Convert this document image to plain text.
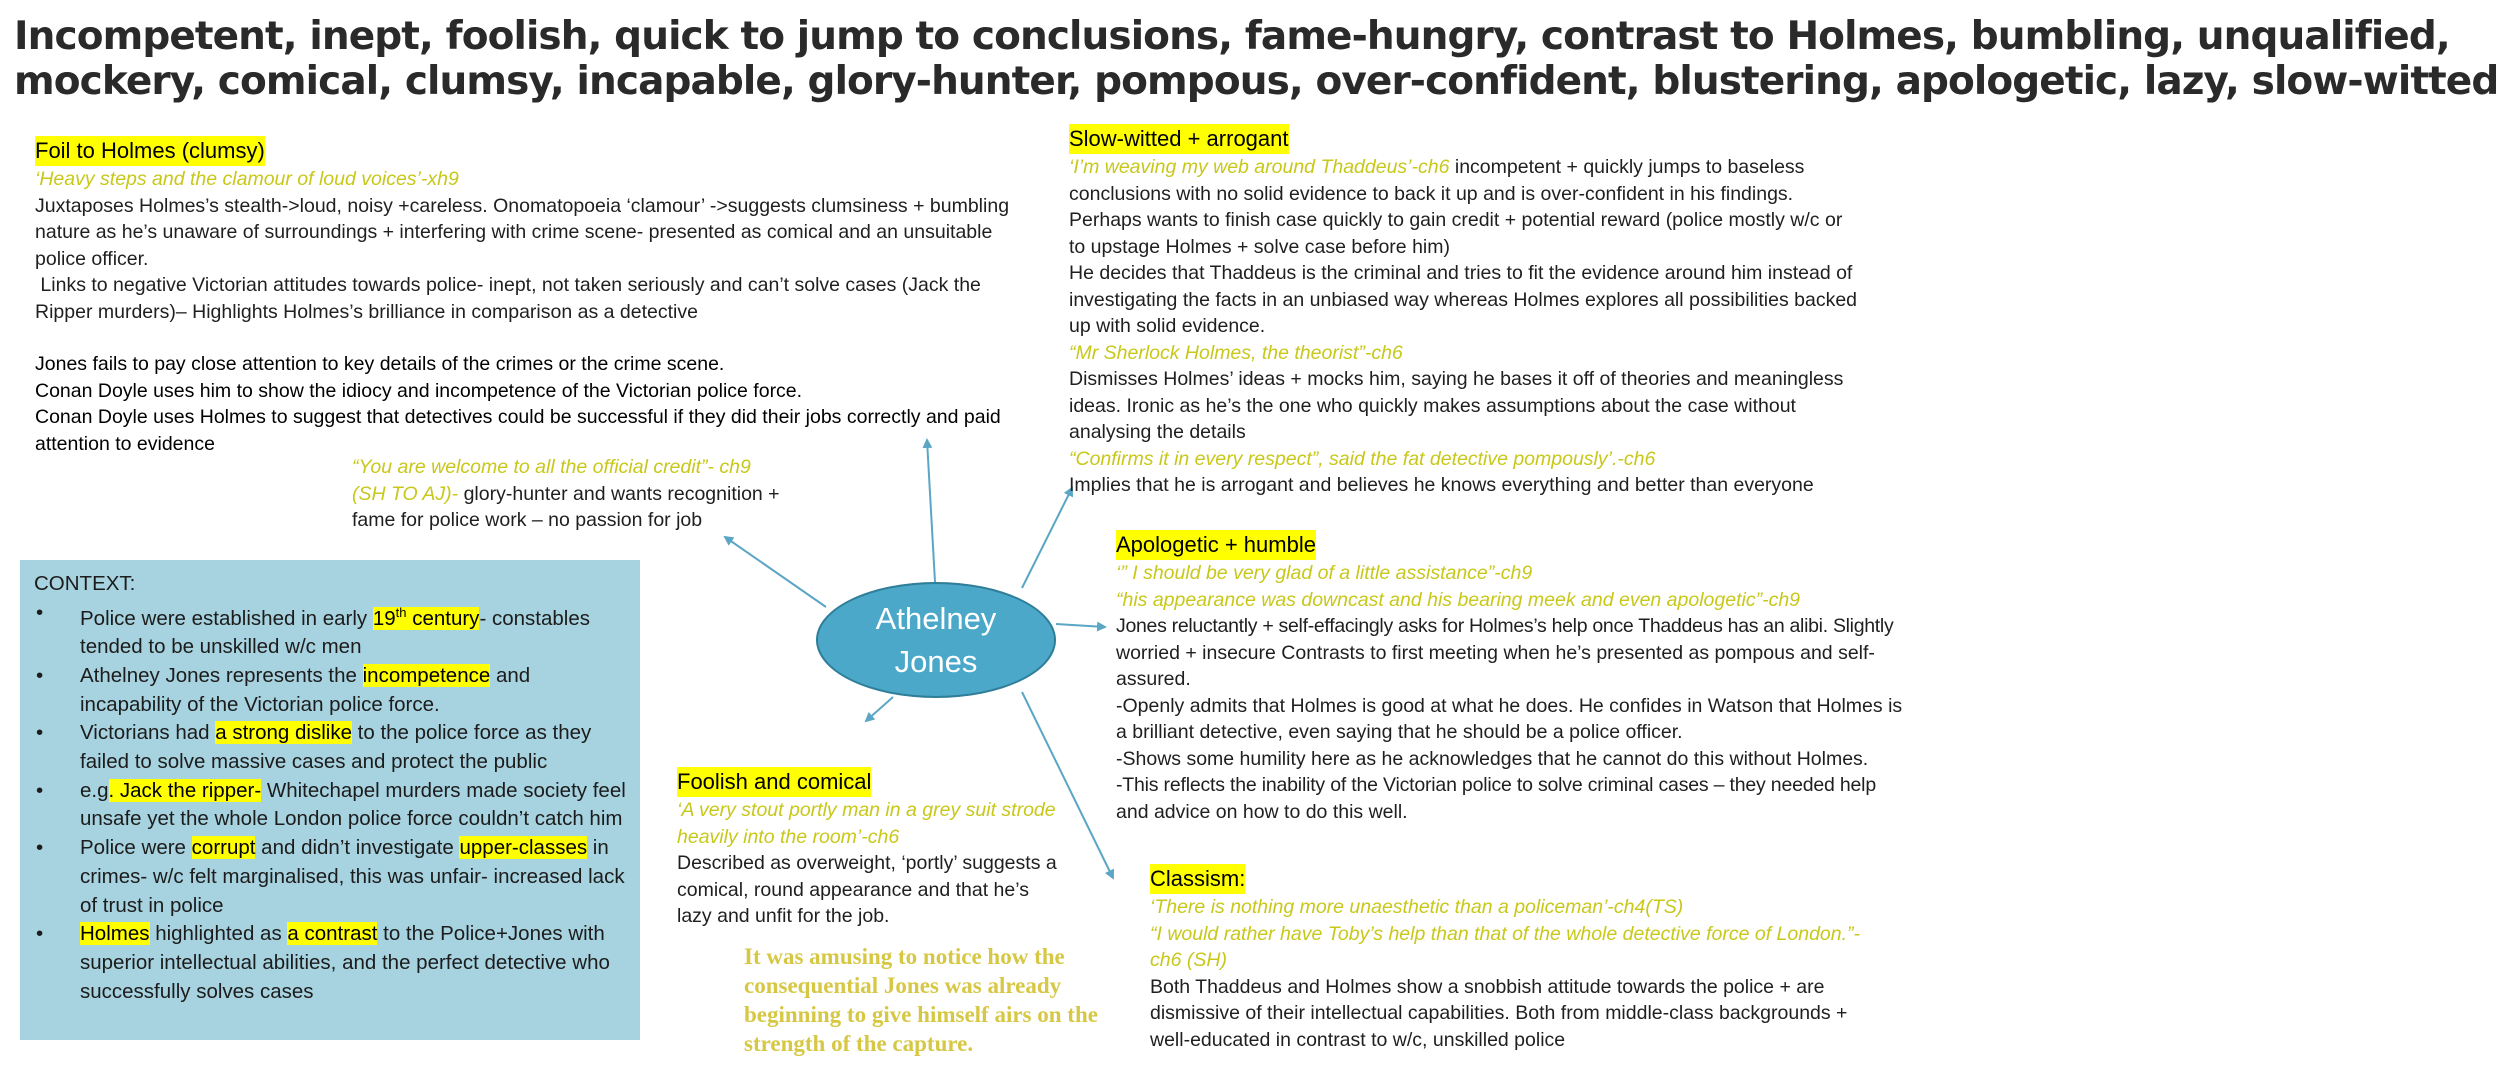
Incompetent, inept, foolish, quick to jump to conclusions, fame-hungry, contrast to Holmes, bumbling, unqualified,
mockery, comical, clumsy, incapable, glory-hunter, pompous, over-confident, blustering, apologetic, lazy, slow-witted
Foil to Holmes (clumsy)

‘Heavy steps and the clamour of loud voices’-xh9

Juxtaposes Holmes’s stealth->loud, noisy +careless. Onomatopoeia ‘clamour’ ->suggests clumsiness + bumbling

nature as he’s unaware of surroundings + interfering with crime scene- presented as comical and an unsuitable

police officer.

Links to negative Victorian attitudes towards police- inept, not taken seriously and can’t solve cases (Jack the

Ripper murders)– Highlights Holmes’s brilliance in comparison as a detective

Jones fails to pay close attention to key details of the crimes or the crime scene.

Conan Doyle uses him to show the idiocy and incompetence of the Victorian police force.

Conan Doyle uses Holmes to suggest that detectives could be successful if they did their jobs correctly and paid

attention to evidence

“You are welcome to all the official credit”- ch9

(SH TO AJ)- glory-hunter and wants recognition +

fame for police work – no passion for job

Slow-witted + arrogant

‘I’m weaving my web around Thaddeus’-ch6 incompetent + quickly jumps to baseless

conclusions with no solid evidence to back it up and is over-confident in his findings.

Perhaps wants to finish case quickly to gain credit + potential reward (police mostly w/c or

to upstage Holmes + solve case before him)

He decides that Thaddeus is the criminal and tries to fit the evidence around him instead of

investigating the facts in an unbiased way whereas Holmes explores all possibilities backed

up with solid evidence.

“Mr Sherlock Holmes, the theorist”-ch6

Dismisses Holmes’ ideas + mocks him, saying he bases it off of theories and meaningless

ideas. Ironic as he’s the one who quickly makes assumptions about the case without

analysing the details

“Confirms it in every respect”, said the fat detective pompously’.-ch6

Implies that he is arrogant and believes he knows everything and better than everyone

Apologetic + humble

‘” I should be very glad of a little assistance”-ch9

“his appearance was downcast and his bearing meek and even apologetic”-ch9

Jones reluctantly + self-effacingly asks for Holmes’s help once Thaddeus has an alibi. Slightly

worried + insecure Contrasts to first meeting when he’s presented as pompous and self-

assured.

-Openly admits that Holmes is good at what he does. He confides in Watson that Holmes is

a brilliant detective, even saying that he should be a police officer.

-Shows some humility here as he acknowledges that he cannot do this without Holmes.

-This reflects the inability of the Victorian police to solve criminal cases – they needed help

and advice on how to do this well.

Athelney
Jones
CONTEXT:
• Police were established in early 19th century- constables tended to be unskilled w/c men
• Athelney Jones represents the incompetence and incapability of the Victorian police force.
• Victorians had a strong dislike to the police force as they failed to solve massive cases and protect the public
• e.g. Jack the ripper- Whitechapel murders made society feel unsafe yet the whole London police force couldn’t catch him
• Police were corrupt and didn’t investigate upper-classes in crimes- w/c felt marginalised, this was unfair- increased lack of trust in police
• Holmes highlighted as a contrast to the Police+Jones with superior intellectual abilities, and the perfect detective who successfully solves cases
Foolish and comical

‘A very stout portly man in a grey suit strode

heavily into the room’-ch6

Described as overweight, ‘portly’ suggests a

comical, round appearance and that he’s

lazy and unfit for the job.

It was amusing to notice how the
consequential Jones was already
beginning to give himself airs on the
strength of the capture.
Classism:

‘There is nothing more unaesthetic than a policeman’-ch4(TS)

“I would rather have Toby’s help than that of the whole detective force of London.”-

ch6 (SH)

Both Thaddeus and Holmes show a snobbish attitude towards the police + are

dismissive of their intellectual capabilities. Both from middle-class backgrounds +

well-educated in contrast to w/c, unskilled police
